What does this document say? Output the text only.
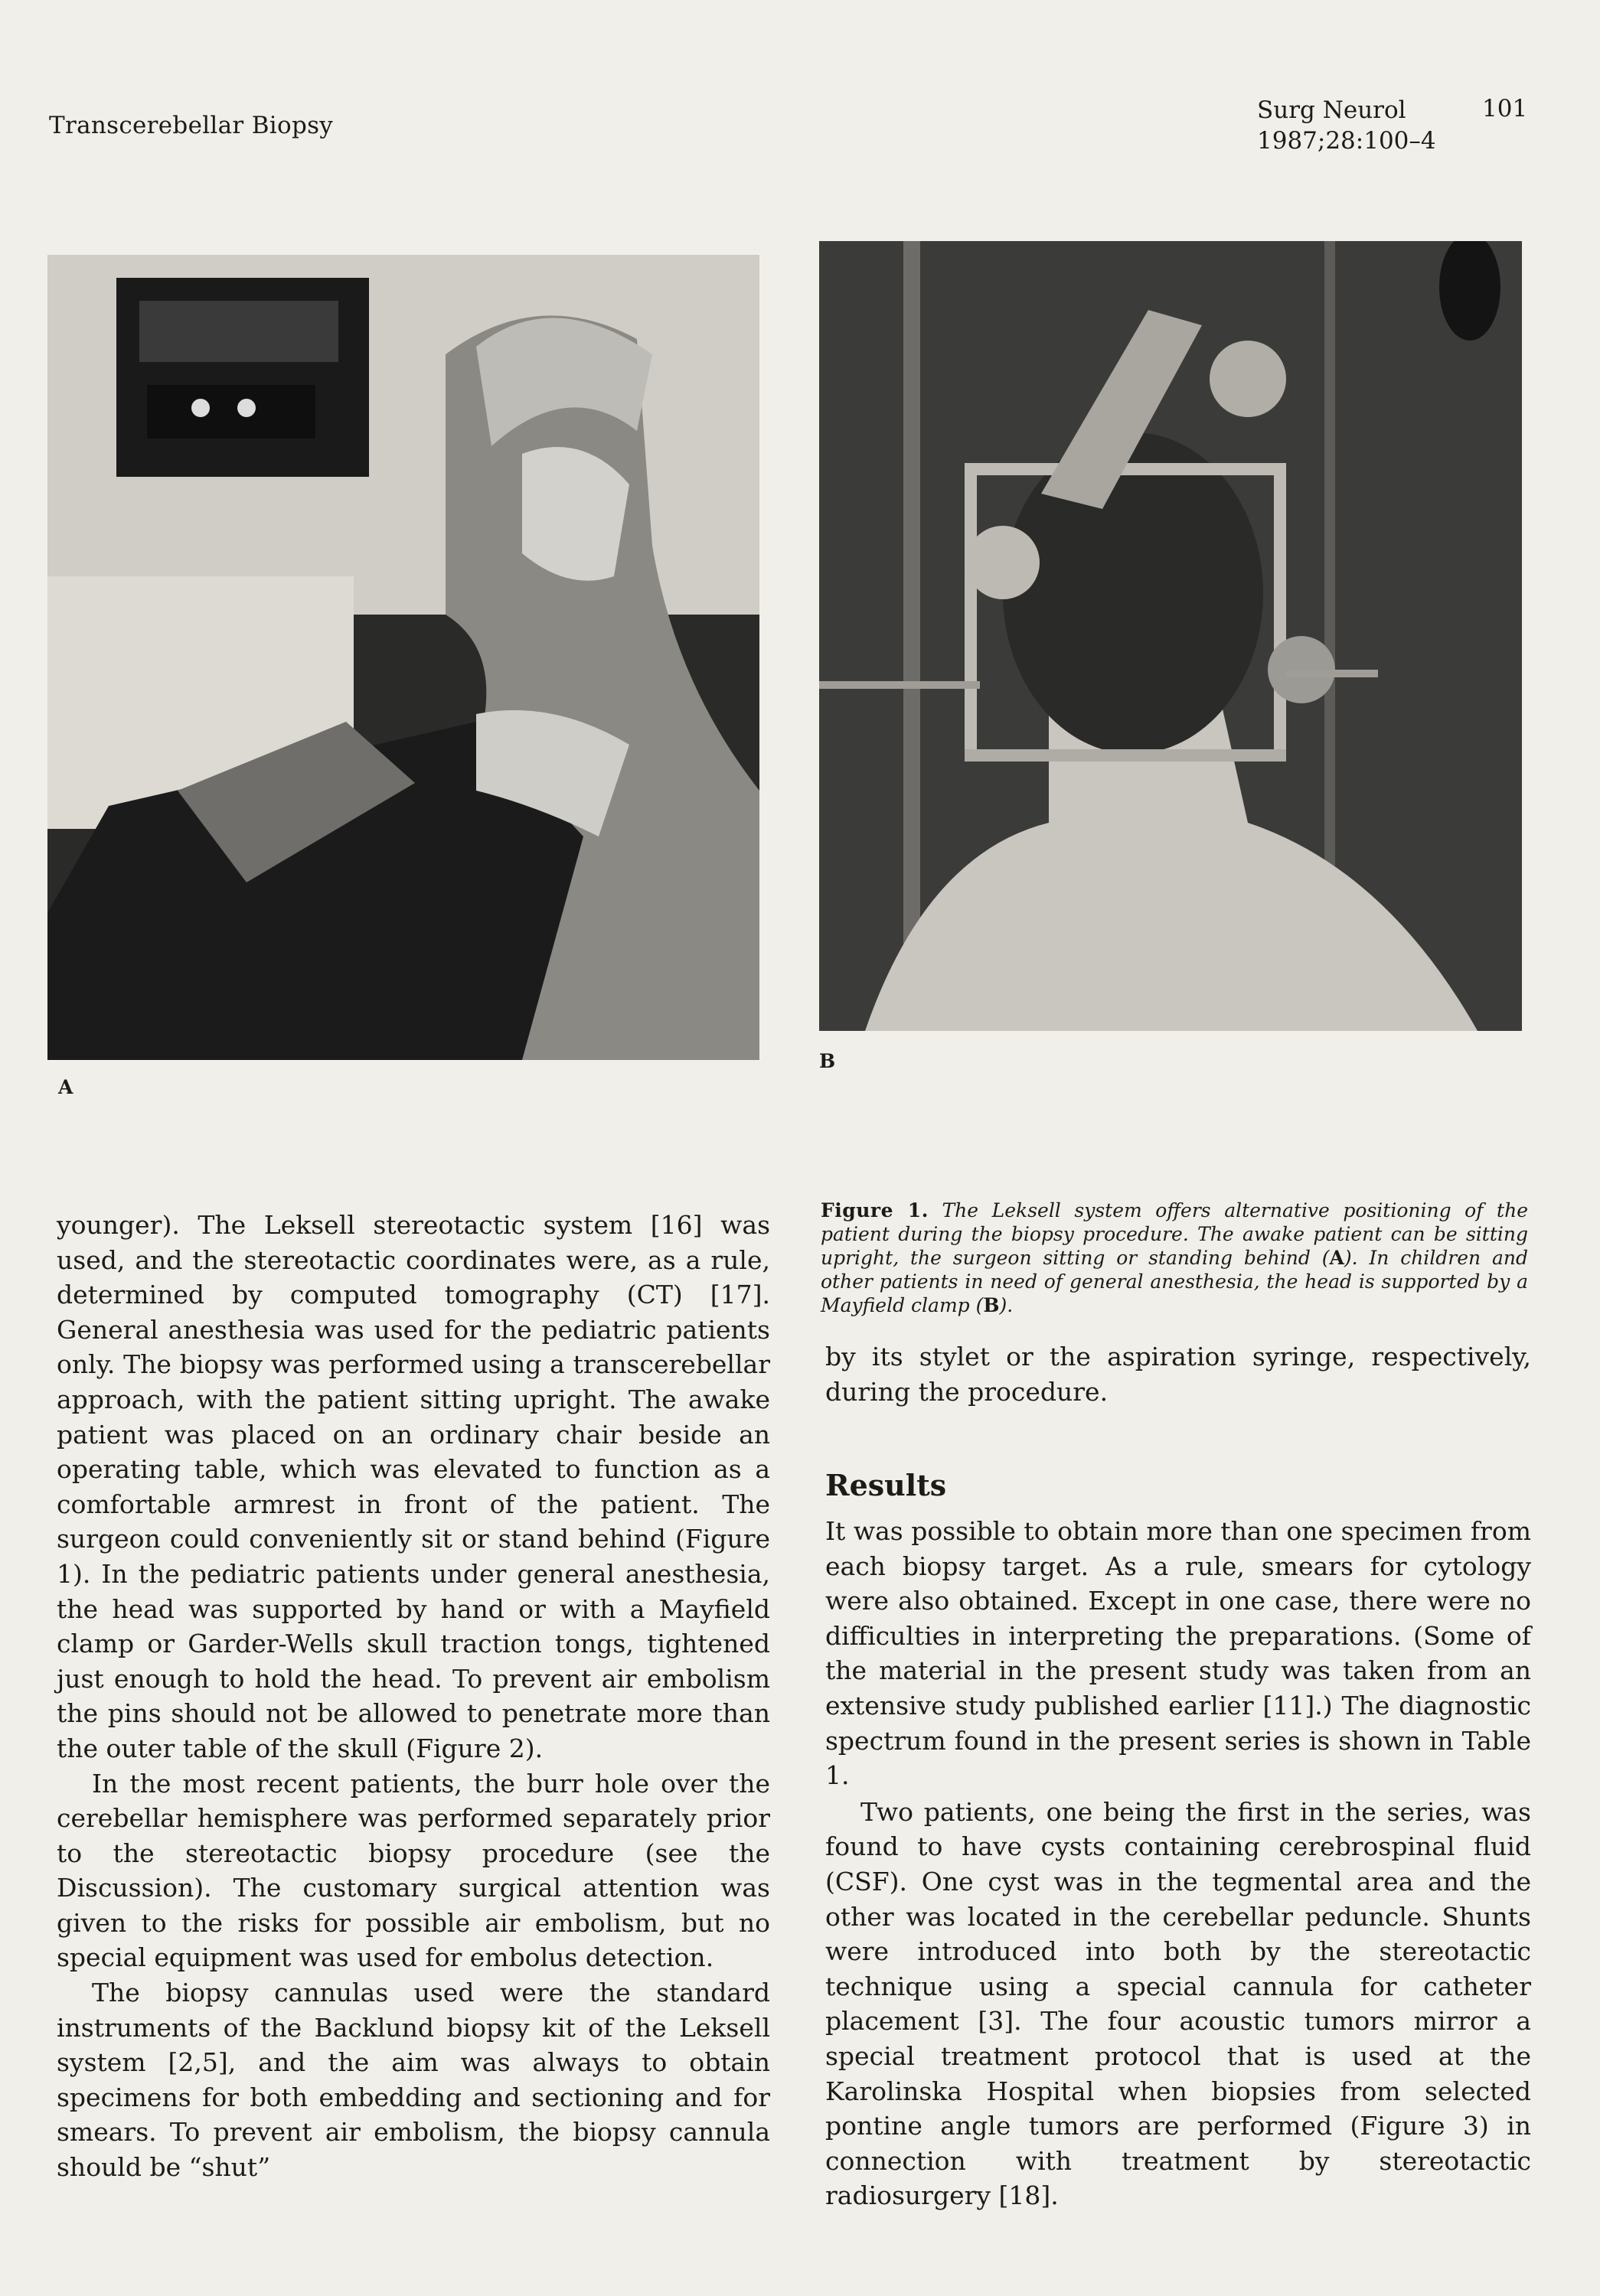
Transcerebellar Biopsy
Surg Neurol
1987;28:100–4
101
A
B

younger). The Leksell stereotactic system [16] was used, and the stereotactic coordinates were, as a rule, determined by computed tomography (CT) [17]. General anesthesia was used for the pediatric patients only. The biopsy was performed using a transcerebellar approach, with the patient sitting upright. The awake patient was placed on an ordinary chair beside an operating table, which was elevated to function as a comfortable armrest in front of the patient. The surgeon could conveniently sit or stand behind (Figure 1). In the pediatric patients under general anesthesia, the head was supported by hand or with a Mayfield clamp or Garder-Wells skull traction tongs, tightened just enough to hold the head. To prevent air embolism the pins should not be allowed to penetrate more than the outer table of the skull (Figure 2).

In the most recent patients, the burr hole over the cerebellar hemisphere was performed separately prior to the stereotactic biopsy procedure (see the Discussion). The customary surgical attention was given to the risks for possible air embolism, but no special equipment was used for embolus detection.

The biopsy cannulas used were the standard instruments of the Backlund biopsy kit of the Leksell system [2,5], and the aim was always to obtain specimens for both embedding and sectioning and for smears. To prevent air embolism, the biopsy cannula should be “shut”

Figure 1. The Leksell system offers alternative positioning of the patient during the biopsy procedure. The awake patient can be sitting upright, the surgeon sitting or standing behind (A). In children and other patients in need of general anesthesia, the head is supported by a Mayfield clamp (B).

by its stylet or the aspiration syringe, respectively, during the procedure.

Results

It was possible to obtain more than one specimen from each biopsy target. As a rule, smears for cytology were also obtained. Except in one case, there were no difficulties in interpreting the preparations. (Some of the material in the present study was taken from an extensive study published earlier [11].) The diagnostic spectrum found in the present series is shown in Table 1.

Two patients, one being the first in the series, was found to have cysts containing cerebrospinal fluid (CSF). One cyst was in the tegmental area and the other was located in the cerebellar peduncle. Shunts were introduced into both by the stereotactic technique using a special cannula for catheter placement [3]. The four acoustic tumors mirror a special treatment protocol that is used at the Karolinska Hospital when biopsies from selected pontine angle tumors are performed (Figure 3) in connection with treatment by stereotactic radiosurgery [18].
